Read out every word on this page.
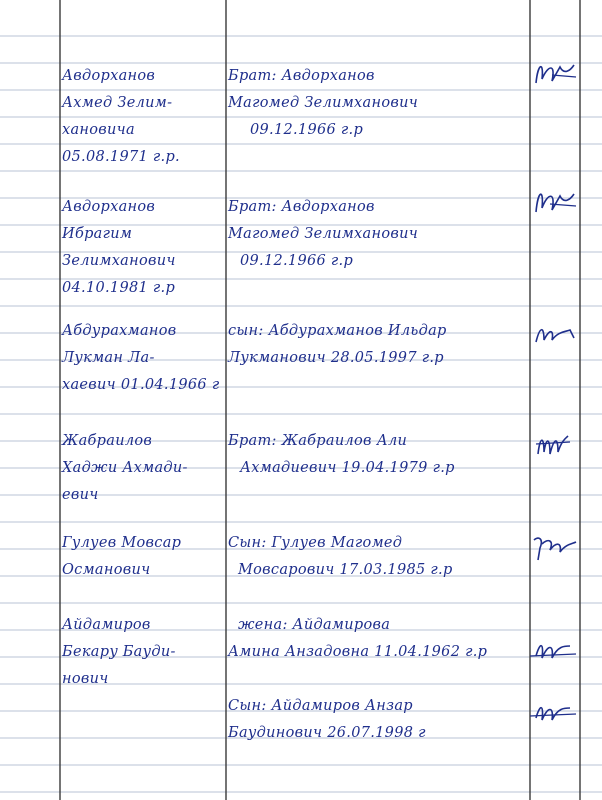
Авдорханов
Ахмед Зелим-
хановича
05.08.1971 г.р.
Брат: Авдорханов
Магомед Зелимханович
09.12.1966 г.р
Авдорханов
Ибрагим
Зелимханович
04.10.1981 г.р
Брат: Авдорханов
Магомед Зелимханович
09.12.1966 г.р
Абдурахманов
Лукман Ла-
хаевич 01.04.1966 г
сын: Абдурахманов Ильдар
Лукманович 28.05.1997 г.р
Жабраилов
Хаджи Ахмади-
евич
Брат: Жабраилов Али
Ахмадиевич 19.04.1979 г.р
Гулуев Мовсар
Османович
Сын: Гулуев Магомед
Мовсарович 17.03.1985 г.р
Айдамиров
Бекарy Бауди-
нович
жена: Айдамирова
Амина Анзадовна 11.04.1962 г.р
Сын: Айдамиров Анзар
Баудинович 26.07.1998 г
